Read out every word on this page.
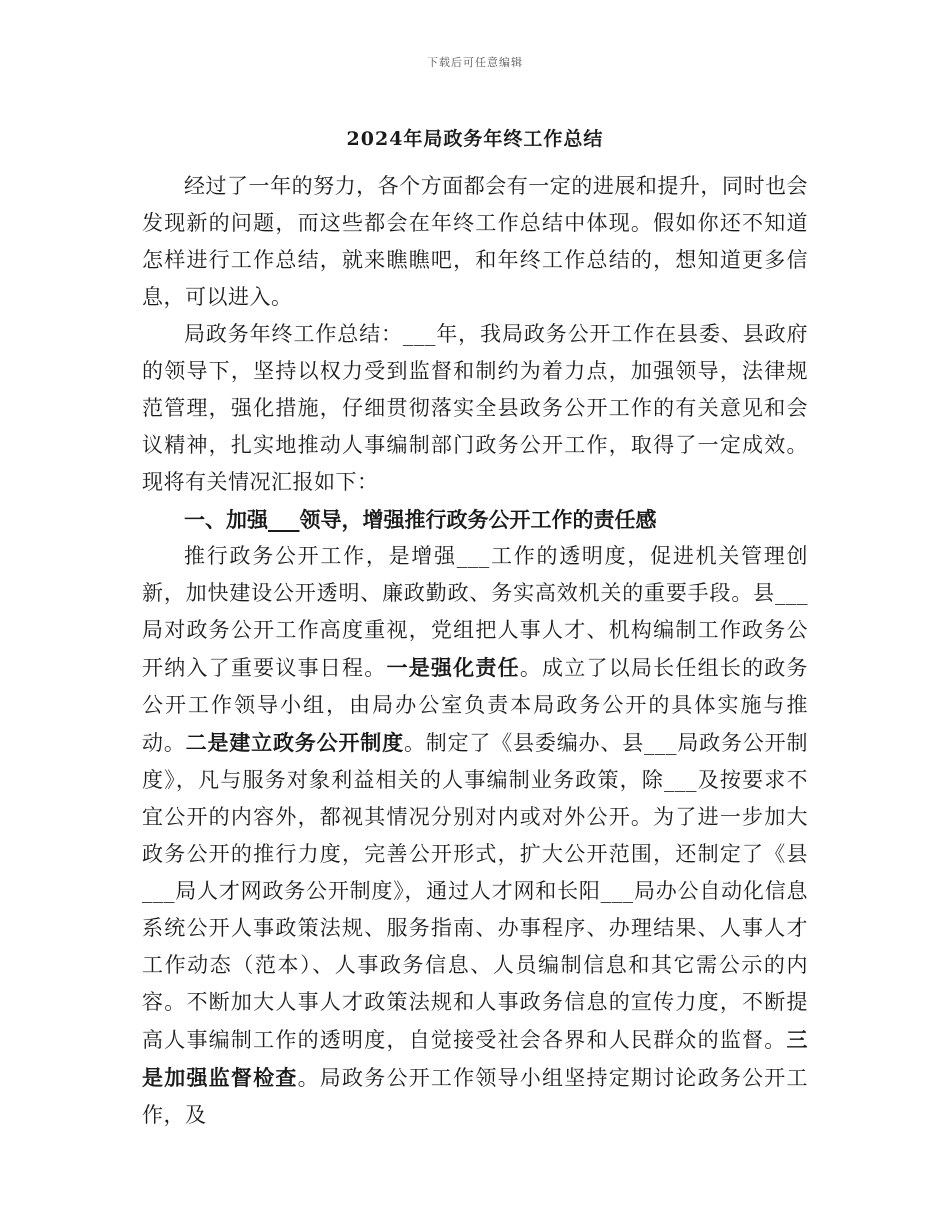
下载后可任意编辑
2024年局政务年终工作总结

经过了一年的努力，各个方面都会有一定的进展和提升，同时也会发现新的问题，而这些都会在年终工作总结中体现。假如你还不知道怎样进行工作总结，就来瞧瞧吧，和年终工作总结的，想知道更多信息，可以进入。

局政务年终工作总结：___年，我局政务公开工作在县委、县政府的领导下，坚持以权力受到监督和制约为着力点，加强领导，法律规范管理，强化措施，仔细贯彻落实全县政务公开工作的有关意见和会议精神，扎实地推动人事编制部门政务公开工作，取得了一定成效。现将有关情况汇报如下：

一、加强___领导，增强推行政务公开工作的责任感

推行政务公开工作，是增强___工作的透明度，促进机关管理创新，加快建设公开透明、廉政勤政、务实高效机关的重要手段。县___局对政务公开工作高度重视，党组把人事人才、机构编制工作政务公开纳入了重要议事日程。一是强化责任。成立了以局长任组长的政务公开工作领导小组，由局办公室负责本局政务公开的具体实施与推动。二是建立政务公开制度。制定了《县委编办、县___局政务公开制度》，凡与服务对象利益相关的人事编制业务政策，除___及按要求不宜公开的内容外，都视其情况分别对内或对外公开。为了进一步加大政务公开的推行力度，完善公开形式，扩大公开范围，还制定了《县___局人才网政务公开制度》，通过人才网和长阳___局办公自动化信息系统公开人事政策法规、服务指南、办事程序、办理结果、人事人才工作动态（范本）、人事政务信息、人员编制信息和其它需公示的内容。不断加大人事人才政策法规和人事政务信息的宣传力度，不断提高人事编制工作的透明度，自觉接受社会各界和人民群众的监督。三是加强监督检查。局政务公开工作领导小组坚持定期讨论政务公开工作，及
